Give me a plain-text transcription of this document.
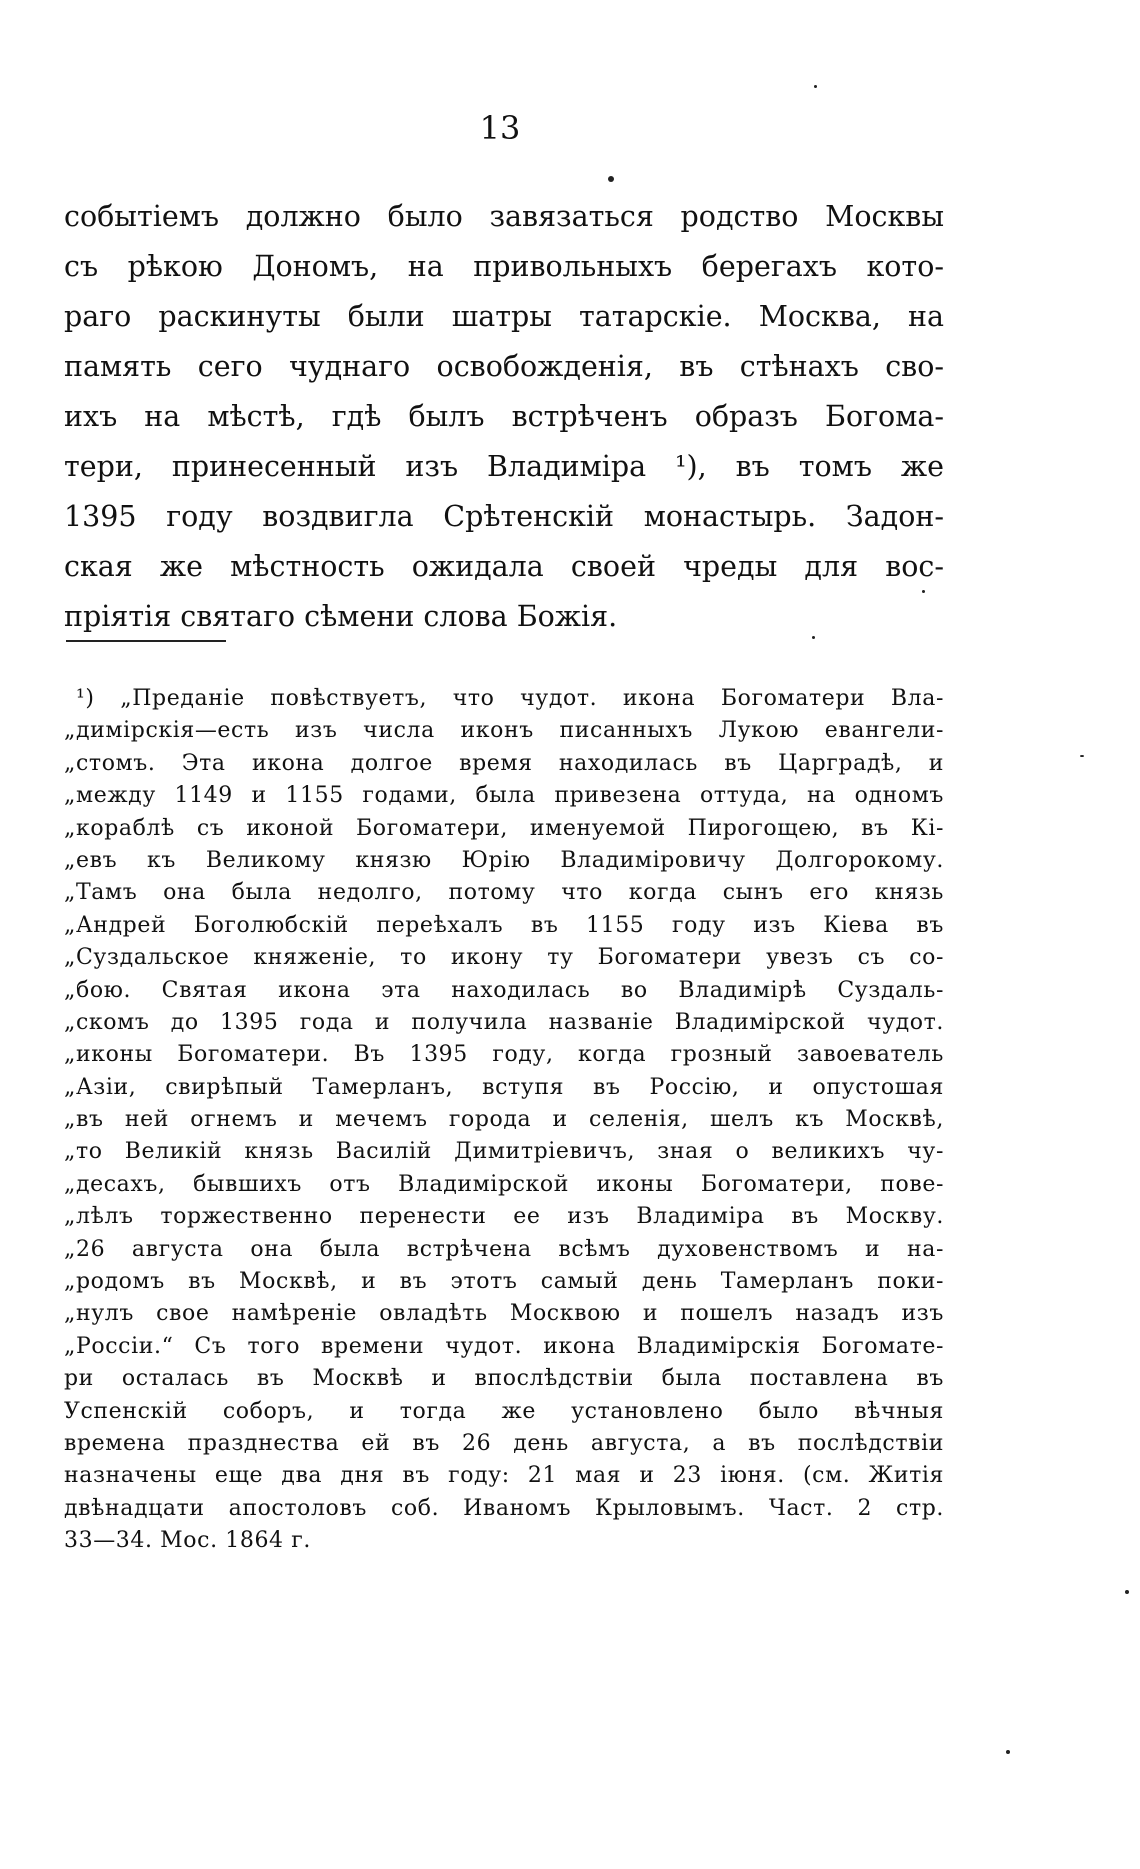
13
событіемъ должно было завязаться родство Москвы
съ рѣкою Дономъ, на привольныхъ берегахъ кото-
раго раскинуты были шатры татарскіе. Москва, на
память сего чуднаго освобожденія, въ стѣнахъ сво-
ихъ на мѣстѣ, гдѣ былъ встрѣченъ образъ Богома-
тери, принесенный изъ Владиміра ¹), въ томъ же
1395 году воздвигла Срѣтенскій монастырь. Задон-
ская же мѣстность ожидала своей чреды для вос-
пріятія святаго сѣмени слова Божія.
¹) „Преданіе повѣствуетъ, что чудот. икона Богоматери Вла-
„димірскія—есть изъ числа иконъ писанныхъ Лукою евангели-
„стомъ. Эта икона долгое время находилась въ Царградѣ, и
„между 1149 и 1155 годами, была привезена оттуда, на одномъ
„кораблѣ съ иконой Богоматери, именуемой Пирогощею, въ Кі-
„евъ къ Великому князю Юрію Владиміровичу Долгорокому.
„Тамъ она была недолго, потому что когда сынъ его князь
„Андрей Боголюбскій переѣхалъ въ 1155 году изъ Кіева въ
„Суздальское княженіе, то икону ту Богоматери увезъ съ со-
„бою. Святая икона эта находилась во Владимірѣ Суздаль-
„скомъ до 1395 года и получила названіе Владимірской чудот.
„иконы Богоматери. Въ 1395 году, когда грозный завоеватель
„Азіи, свирѣпый Тамерланъ, вступя въ Россію, и опустошая
„въ ней огнемъ и мечемъ города и селенія, шелъ къ Москвѣ,
„то Великій князь Василій Димитріевичъ, зная о великихъ чу-
„десахъ, бывшихъ отъ Владимірской иконы Богоматери, пове-
„лѣлъ торжественно перенести ее изъ Владиміра въ Москву.
„26 августа она была встрѣчена всѣмъ духовенствомъ и на-
„родомъ въ Москвѣ, и въ этотъ самый день Тамерланъ поки-
„нулъ свое намѣреніе овладѣть Москвою и пошелъ назадъ изъ
„Россіи.“ Съ того времени чудот. икона Владимірскія Богомате-
ри осталась въ Москвѣ и впослѣдствіи была поставлена въ
Успенскій соборъ, и тогда же установлено было вѣчныя
времена празднества ей въ 26 день августа, а въ послѣдствіи
назначены еще два дня въ году: 21 мая и 23 іюня. (см. Житія
двѣнадцати апостоловъ соб. Иваномъ Крыловымъ. Част. 2 стр.
33—34. Мос. 1864 г.
